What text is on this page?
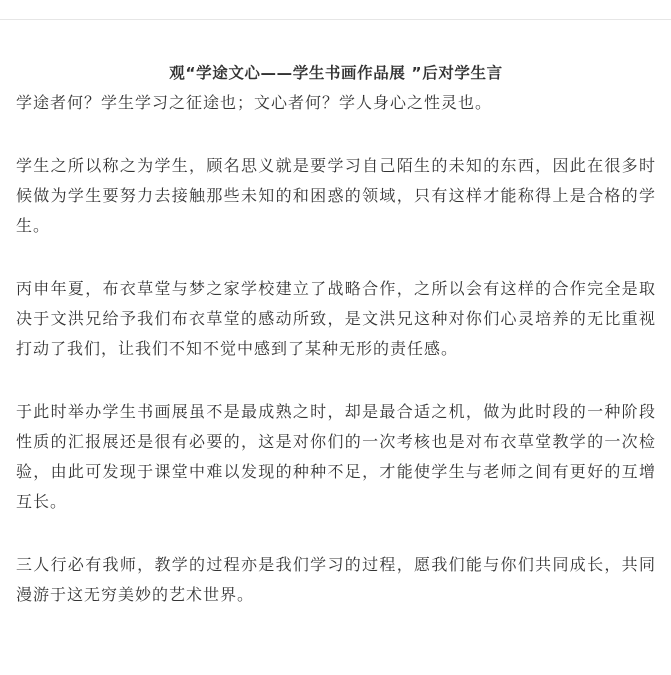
观“学途文心——学生书画作品展 ”后对学生言

学途者何？学生学习之征途也；文心者何？学人身心之性灵也。

学生之所以称之为学生，顾名思义就是要学习自己陌生的未知的东西，因此在很多时候做为学生要努力去接触那些未知的和困惑的领域，只有这样才能称得上是合格的学生。

丙申年夏，布衣草堂与梦之家学校建立了战略合作，之所以会有这样的合作完全是取决于文洪兄给予我们布衣草堂的感动所致，是文洪兄这种对你们心灵培养的无比重视打动了我们，让我们不知不觉中感到了某种无形的责任感。

于此时举办学生书画展虽不是最成熟之时，却是最合适之机，做为此时段的一种阶段性质的汇报展还是很有必要的，这是对你们的一次考核也是对布衣草堂教学的一次检验，由此可发现于课堂中难以发现的种种不足，才能使学生与老师之间有更好的互增互长。

三人行必有我师，教学的过程亦是我们学习的过程，愿我们能与你们共同成长，共同漫游于这无穷美妙的艺术世界。
